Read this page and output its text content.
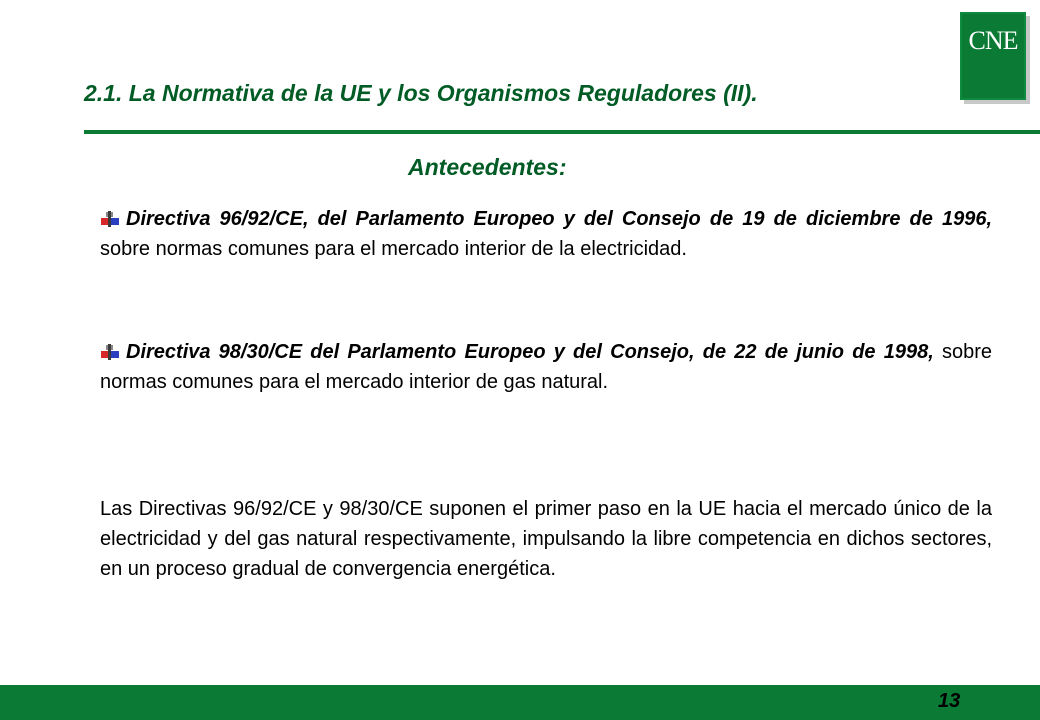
CNE
2.1. La Normativa de la UE y los Organismos Reguladores (II).
Antecedentes:

Directiva 96/92/CE, del Parlamento Europeo y del Consejo de 19 de diciembre de 1996, sobre normas comunes para el mercado interior de la electricidad.

Directiva 98/30/CE del Parlamento Europeo y del Consejo, de 22 de junio de 1998, sobre normas comunes para el mercado interior de gas natural.

Las Directivas 96/92/CE y 98/30/CE suponen el primer paso en la UE hacia el mercado único de la electricidad y del gas natural respectivamente, impulsando la libre competencia en dichos sectores, en un proceso gradual de convergencia energética.

13
